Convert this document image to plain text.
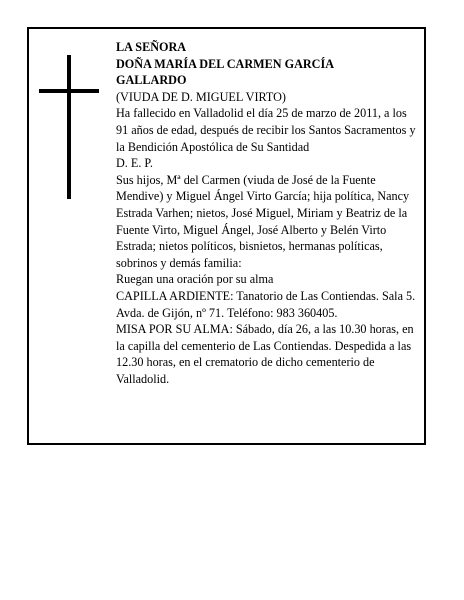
LA SEÑORA

DOÑA MARÍA DEL CARMEN GARCÍA
GALLARDO

(VIUDA DE D. MIGUEL VIRTO)

Ha fallecido en Valladolid el día 25 de marzo de 2011, a los 91 años de edad, después de recibir los Santos Sacramentos y la Bendición Apostólica de Su Santidad

D. E. P.

Sus hijos, Mª del Carmen (viuda de José de la Fuente Mendive) y Miguel Ángel Virto García; hija política, Nancy Estrada Varhen; nietos, José Miguel, Miriam y Beatriz de la Fuente Virto, Miguel Ángel, José Alberto y Belén Virto Estrada; nietos políticos, bisnietos, hermanas políticas, sobrinos y demás familia:

Ruegan una oración por su alma

CAPILLA ARDIENTE: Tanatorio de Las Contiendas. Sala 5. Avda. de Gijón, nº 71. Teléfono: 983 360405.

MISA POR SU ALMA: Sábado, día 26, a las 10.30 horas, en la capilla del cementerio de Las Contiendas. Despedida a las 12.30 horas, en el crematorio de dicho cementerio de Valladolid.
